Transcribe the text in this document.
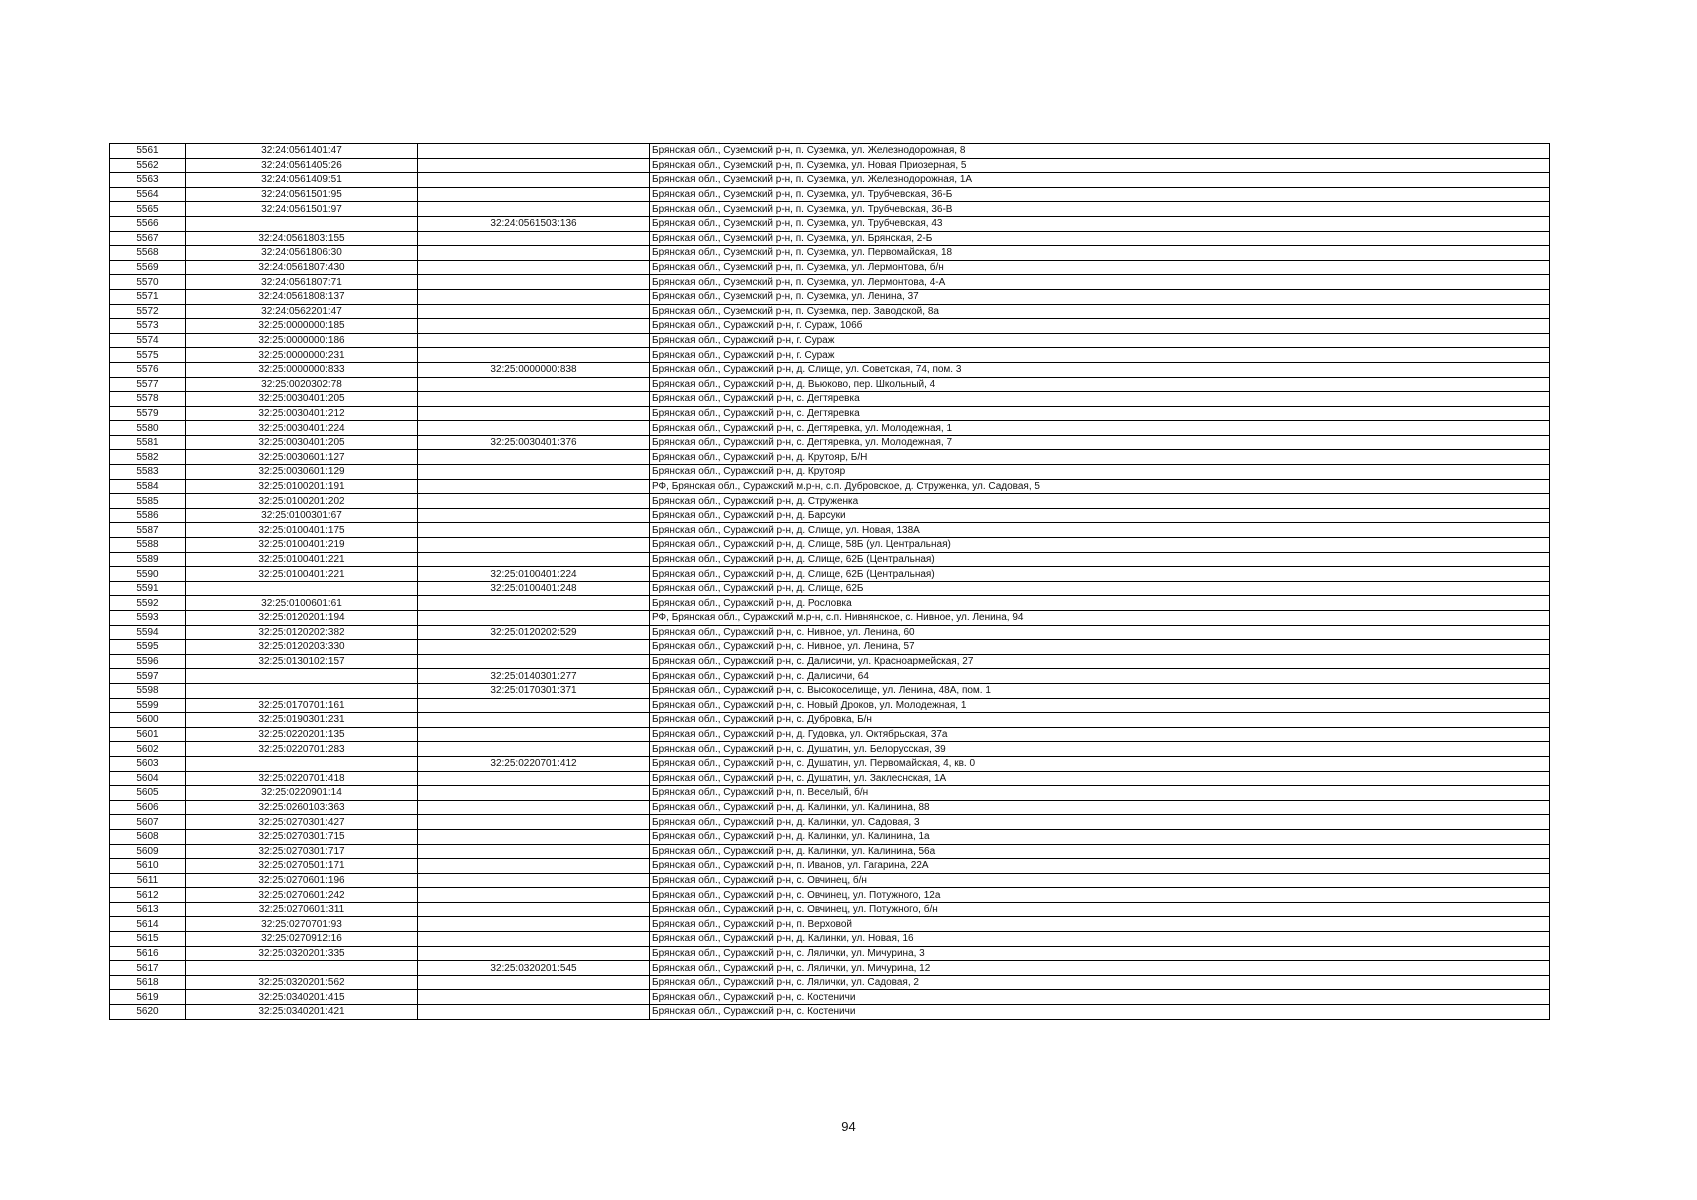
5561	32:24:0561401:47		Брянская обл., Суземский р-н, п. Суземка, ул. Железнодорожная, 8
5562	32:24:0561405:26		Брянская обл., Суземский р-н, п. Суземка, ул. Новая Приозерная, 5
5563	32:24:0561409:51		Брянская обл., Суземский р-н, п. Суземка, ул. Железнодорожная, 1А
5564	32:24:0561501:95		Брянская обл., Суземский р-н, п. Суземка, ул. Трубчевская, 36-Б
5565	32:24:0561501:97		Брянская обл., Суземский р-н, п. Суземка, ул. Трубчевская, 36-В
5566		32:24:0561503:136	Брянская обл., Суземский р-н, п. Суземка, ул. Трубчевская, 43
5567	32:24:0561803:155		Брянская обл., Суземский р-н, п. Суземка, ул. Брянская, 2-Б
5568	32:24:0561806:30		Брянская обл., Суземский р-н, п. Суземка, ул. Первомайская, 18
5569	32:24:0561807:430		Брянская обл., Суземский р-н, п. Суземка, ул. Лермонтова, б/н
5570	32:24:0561807:71		Брянская обл., Суземский р-н, п. Суземка, ул. Лермонтова, 4-А
5571	32:24:0561808:137		Брянская обл., Суземский р-н, п. Суземка, ул. Ленина, 37
5572	32:24:0562201:47		Брянская обл., Суземский р-н, п. Суземка, пер. Заводской, 8а
5573	32:25:0000000:185		Брянская обл., Суражский р-н, г. Сураж, 106б
5574	32:25:0000000:186		Брянская обл., Суражский р-н, г. Сураж
5575	32:25:0000000:231		Брянская обл., Суражский р-н, г. Сураж
5576	32:25:0000000:833	32:25:0000000:838	Брянская обл., Суражский р-н, д. Слище, ул. Советская, 74, пом. 3
5577	32:25:0020302:78		Брянская обл., Суражский р-н, д. Вьюково, пер. Школьный, 4
5578	32:25:0030401:205		Брянская обл., Суражский р-н, с. Дегтяревка
5579	32:25:0030401:212		Брянская обл., Суражский р-н, с. Дегтяревка
5580	32:25:0030401:224		Брянская обл., Суражский р-н, с. Дегтяревка, ул. Молодежная, 1
5581	32:25:0030401:205	32:25:0030401:376	Брянская обл., Суражский р-н, с. Дегтяревка, ул. Молодежная, 7
5582	32:25:0030601:127		Брянская обл., Суражский р-н, д. Крутояр, Б/Н
5583	32:25:0030601:129		Брянская обл., Суражский р-н, д. Крутояр
5584	32:25:0100201:191		РФ, Брянская обл., Суражский м.р-н, с.п. Дубровское, д. Струженка, ул. Садовая, 5
5585	32:25:0100201:202		Брянская обл., Суражский р-н, д. Струженка
5586	32:25:0100301:67		Брянская обл., Суражский р-н, д. Барсуки
5587	32:25:0100401:175		Брянская обл., Суражский р-н, д. Слище, ул. Новая, 138А
5588	32:25:0100401:219		Брянская обл., Суражский р-н, д. Слище, 58Б (ул. Центральная)
5589	32:25:0100401:221		Брянская обл., Суражский р-н, д. Слище, 62Б (Центральная)
5590	32:25:0100401:221	32:25:0100401:224	Брянская обл., Суражский р-н, д. Слище, 62Б (Центральная)
5591		32:25:0100401:248	Брянская обл., Суражский р-н, д. Слище, 62Б
5592	32:25:0100601:61		Брянская обл., Суражский р-н, д. Рословка
5593	32:25:0120201:194		РФ, Брянская обл., Суражский м.р-н, с.п. Нивнянское, с. Нивное, ул. Ленина, 94
5594	32:25:0120202:382	32:25:0120202:529	Брянская обл., Суражский р-н, с. Нивное, ул. Ленина, 60
5595	32:25:0120203:330		Брянская обл., Суражский р-н, с. Нивное, ул. Ленина, 57
5596	32:25:0130102:157		Брянская обл., Суражский р-н, с. Далисичи, ул. Красноармейская, 27
5597		32:25:0140301:277	Брянская обл., Суражский р-н, с. Далисичи, 64
5598		32:25:0170301:371	Брянская обл., Суражский р-н, с. Высокоселище, ул. Ленина, 48А, пом. 1
5599	32:25:0170701:161		Брянская обл., Суражский р-н, с. Новый Дроков, ул. Молодежная, 1
5600	32:25:0190301:231		Брянская обл., Суражский р-н, с. Дубровка, Б/н
5601	32:25:0220201:135		Брянская обл., Суражский р-н, д. Гудовка, ул. Октябрьская, 37а
5602	32:25:0220701:283		Брянская обл., Суражский р-н, с. Душатин, ул. Белорусская, 39
5603		32:25:0220701:412	Брянская обл., Суражский р-н, с. Душатин, ул. Первомайская, 4, кв. 0
5604	32:25:0220701:418		Брянская обл., Суражский р-н, с. Душатин, ул. Заклеснская, 1А
5605	32:25:0220901:14		Брянская обл., Суражский р-н, п. Веселый, б/н
5606	32:25:0260103:363		Брянская обл., Суражский р-н, д. Калинки, ул. Калинина, 88
5607	32:25:0270301:427		Брянская обл., Суражский р-н, д. Калинки, ул. Садовая, 3
5608	32:25:0270301:715		Брянская обл., Суражский р-н, д. Калинки, ул. Калинина, 1а
5609	32:25:0270301:717		Брянская обл., Суражский р-н, д. Калинки, ул. Калинина, 56а
5610	32:25:0270501:171		Брянская обл., Суражский р-н, п. Иванов, ул. Гагарина, 22А
5611	32:25:0270601:196		Брянская обл., Суражский р-н, с. Овчинец, б/н
5612	32:25:0270601:242		Брянская обл., Суражский р-н, с. Овчинец, ул. Потужного, 12а
5613	32:25:0270601:311		Брянская обл., Суражский р-н, с. Овчинец, ул. Потужного, б/н
5614	32:25:0270701:93		Брянская обл., Суражский р-н, п. Верховой
5615	32:25:0270912:16		Брянская обл., Суражский р-н, д. Калинки, ул. Новая, 16
5616	32:25:0320201:335		Брянская обл., Суражский р-н, с. Лялички, ул. Мичурина, 3
5617		32:25:0320201:545	Брянская обл., Суражский р-н, с. Лялички, ул. Мичурина, 12
5618	32:25:0320201:562		Брянская обл., Суражский р-н, с. Лялички, ул. Садовая, 2
5619	32:25:0340201:415		Брянская обл., Суражский р-н, с. Костеничи
5620	32:25:0340201:421		Брянская обл., Суражский р-н, с. Костеничи
94
